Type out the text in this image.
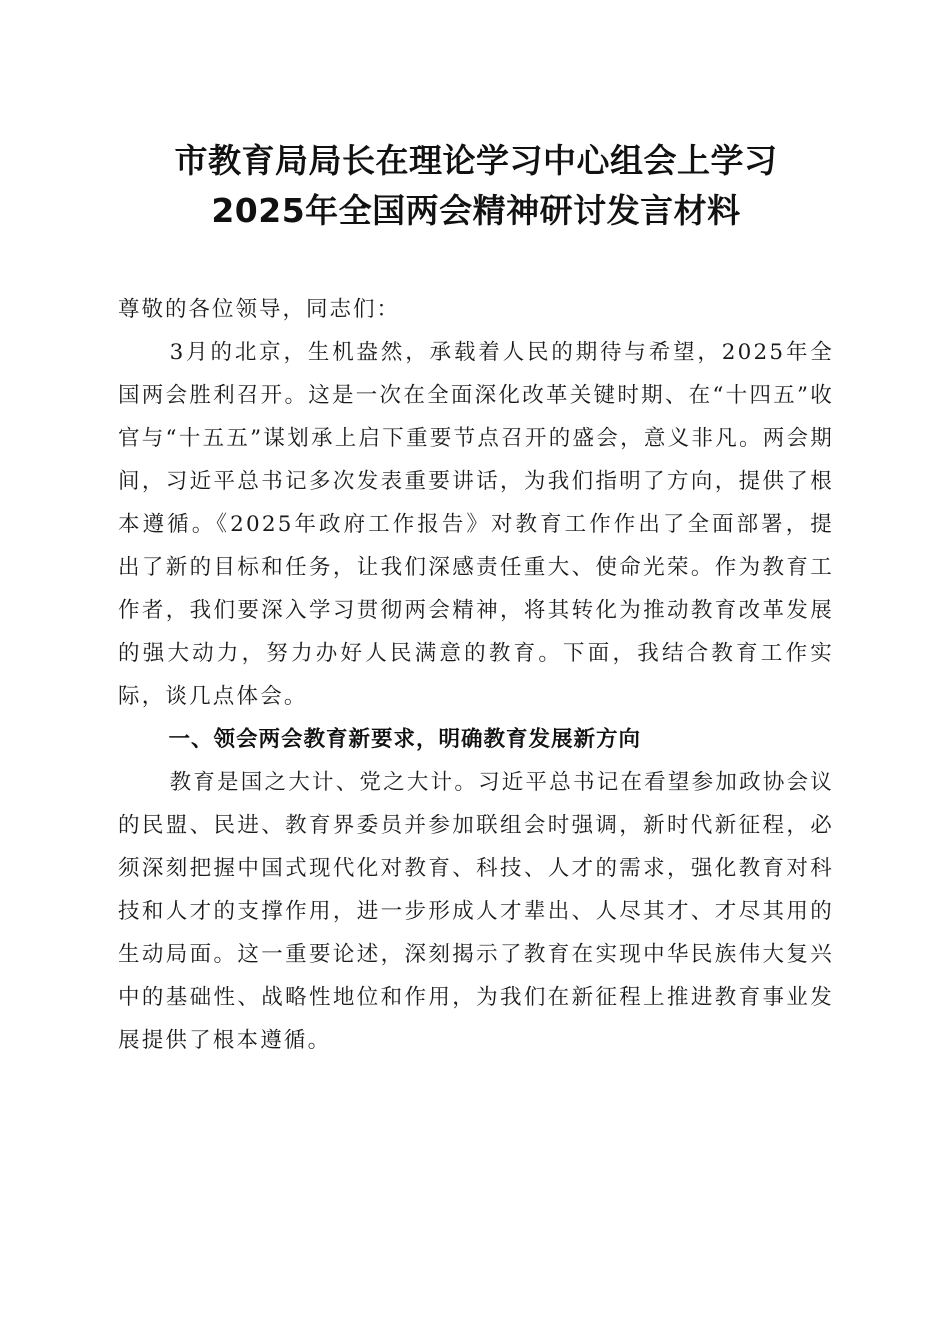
市教育局局长在理论学习中心组会上学习
2025年全国两会精神研讨发言材料

尊敬的各位领导，同志们：

3月的北京，生机盎然，承载着人民的期待与希望，2025年全国两会胜利召开。这是一次在全面深化改革关键时期、在“十四五”收官与“十五五”谋划承上启下重要节点召开的盛会，意义非凡。两会期间，习近平总书记多次发表重要讲话，为我们指明了方向，提供了根本遵循。《2025年政府工作报告》对教育工作作出了全面部署，提出了新的目标和任务，让我们深感责任重大、使命光荣。作为教育工作者，我们要深入学习贯彻两会精神，将其转化为推动教育改革发展的强大动力，努力办好人民满意的教育。下面，我结合教育工作实际，谈几点体会。

一、领会两会教育新要求，明确教育发展新方向

教育是国之大计、党之大计。习近平总书记在看望参加政协会议的民盟、民进、教育界委员并参加联组会时强调，新时代新征程，必须深刻把握中国式现代化对教育、科技、人才的需求，强化教育对科技和人才的支撑作用，进一步形成人才辈出、人尽其才、才尽其用的生动局面。这一重要论述，深刻揭示了教育在实现中华民族伟大复兴中的基础性、战略性地位和作用，为我们在新征程上推进教育事业发展提供了根本遵循。
